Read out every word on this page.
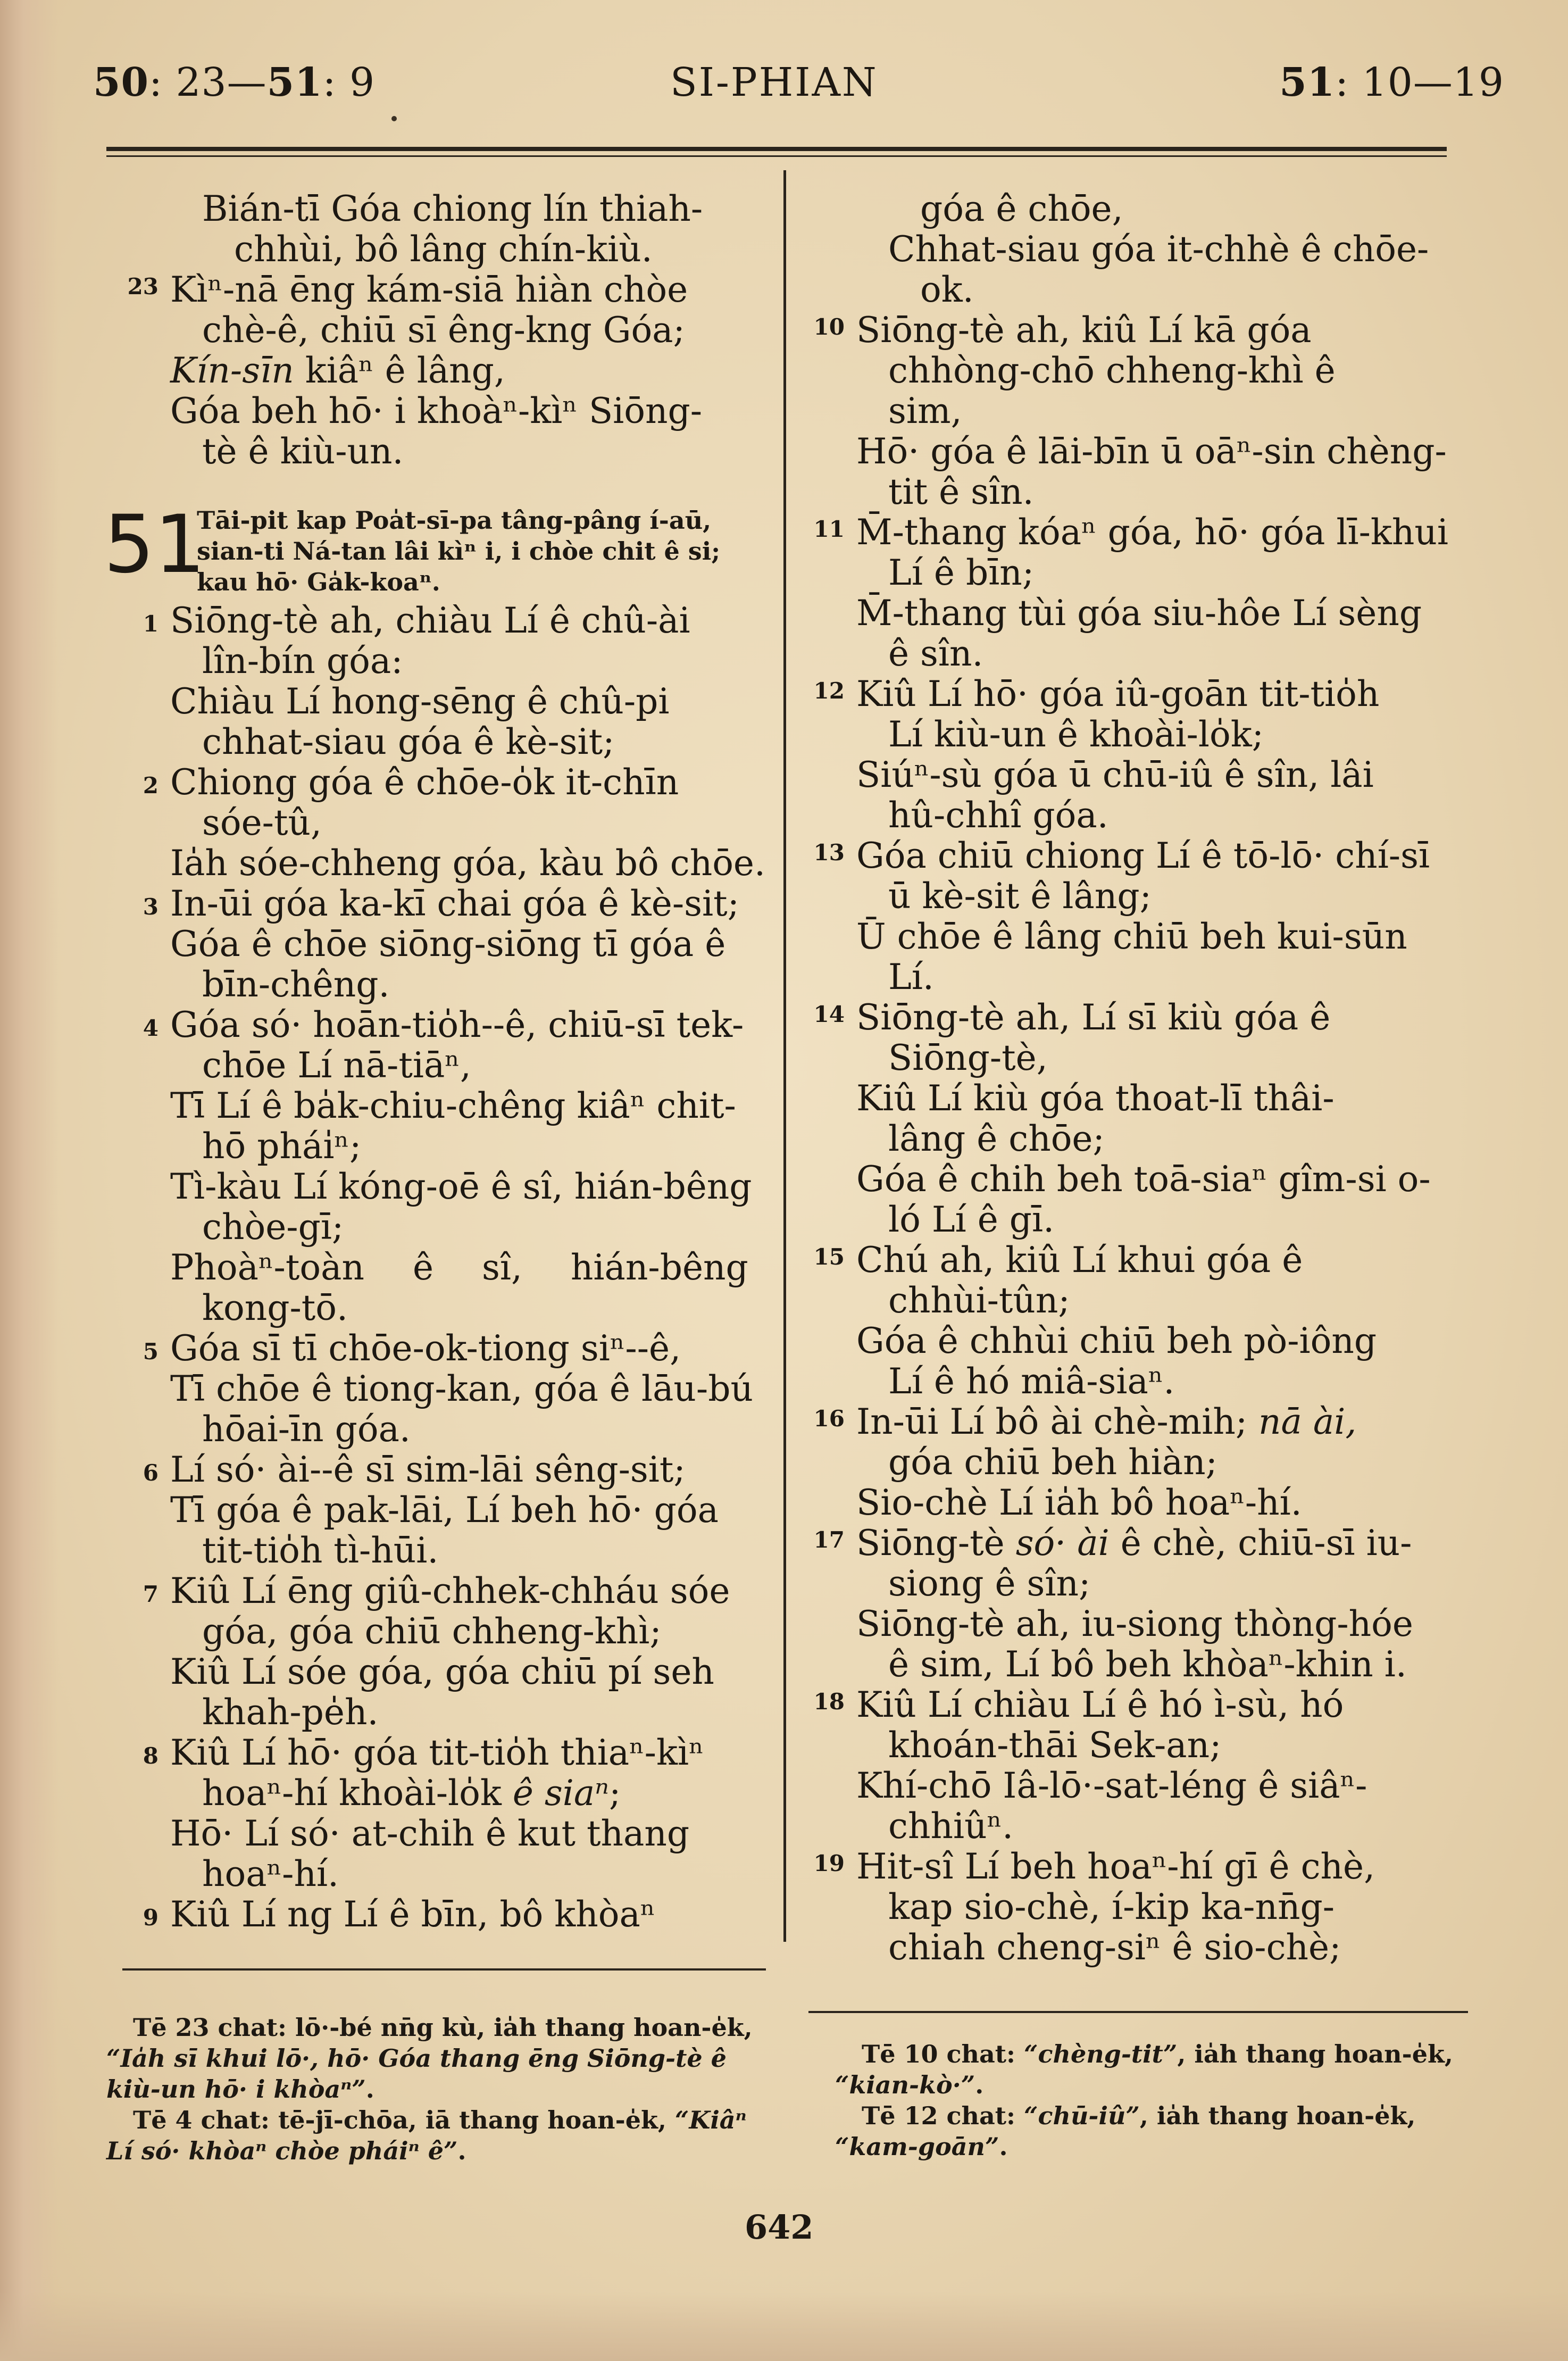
50: 23—51: 9	SI-PHIAN	51: 10—19
Bián-tī Góa chiong lín thiah-
chhùi, bô lâng chín-kiù.
23 Kìⁿ-nā ēng kám-siā hiàn chòe
chè-ê, chiū sī êng-kng Góa;
Kín-sīn kiâⁿ ê lâng,
Góa beh hō· i khoàⁿ-kìⁿ Siōng-
tè ê kiù-un.
51
Tāi-pit kap Poa̍t-sī-pa tâng-pâng í-aū, sian-ti Ná-tan lâi kìⁿ i, i chòe chit ê si; kau hō· Ga̍k-koaⁿ.
1 Siōng-tè ah, chiàu Lí ê chû-ài
lîn-bín góa:
Chiàu Lí hong-sēng ê chû-pi
chhat-siau góa ê kè-sit;
2 Chiong góa ê chōe-o̍k it-chīn
sóe-tû,
Ia̍h sóe-chheng góa, kàu bô chōe.
3 In-ūi góa ka-kī chai góa ê kè-sit;
Góa ê chōe siōng-siōng tī góa ê
bīn-chêng.
4 Góa só· hoān-tio̍h--ê, chiū-sī tek-
chōe Lí nā-tiāⁿ,
Tī Lí ê ba̍k-chiu-chêng kiâⁿ chit-
hō phái̍ⁿ;
Tì-kàu Lí kóng-oē ê sî, hián-bêng
chòe-gī;
Phoàⁿ-toàn ê sî, hián-bêng
kong-tō.
5 Góa sī tī chōe-ok-tiong siⁿ--ê,
Tī chōe ê tiong-kan, góa ê lāu-bú
hōai-īn góa.
6 Lí só· ài--ê sī sim-lāi sêng-sit;
Tī góa ê pak-lāi, Lí beh hō· góa
tit-tio̍h tì-hūi.
7 Kiû Lí ēng giû-chhek-chháu sóe
góa, góa chiū chheng-khì;
Kiû Lí sóe góa, góa chiū pí seh
khah-pe̍h.
8 Kiû Lí hō· góa tit-tio̍h thiaⁿ-kìⁿ
hoaⁿ-hí khoài-lo̍k ê siaⁿ;
Hō· Lí só· at-chih ê kut thang
hoaⁿ-hí.
9 Kiû Lí ng Lí ê bīn, bô khòaⁿ
góa ê chōe,
Chhat-siau góa it-chhè ê chōe-
ok.
10 Siōng-tè ah, kiû Lí kā góa
chhòng-chō chheng-khì ê
sim,
Hō· góa ê lāi-bīn ū oāⁿ-sin chèng-
tit ê sîn.
11 M̄-thang kóaⁿ góa, hō· góa lī-khui
Lí ê bīn;
M̄-thang tùi góa siu-hôe Lí sèng
ê sîn.
12 Kiû Lí hō· góa iû-goān tit-tio̍h
Lí kiù-un ê khoài-lo̍k;
Siúⁿ-sù góa ū chū-iû ê sîn, lâi
hû-chhî góa.
13 Góa chiū chiong Lí ê tō-lō· chí-sī
ū kè-sit ê lâng;
Ū chōe ê lâng chiū beh kui-sūn
Lí.
14 Siōng-tè ah, Lí sī kiù góa ê
Siōng-tè,
Kiû Lí kiù góa thoat-lī thâi-
lâng ê chōe;
Góa ê chih beh toā-siaⁿ gîm-si o-
ló Lí ê gī.
15 Chú ah, kiû Lí khui góa ê
chhùi-tûn;
Góa ê chhùi chiū beh pò-iông
Lí ê hó miâ-siaⁿ.
16 In-ūi Lí bô ài chè-mih; nā ài,
góa chiū beh hiàn;
Sio-chè Lí ia̍h bô hoaⁿ-hí.
17 Siōng-tè só· ài ê chè, chiū-sī iu-
siong ê sîn;
Siōng-tè ah, iu-siong thòng-hóe
ê sim, Lí bô beh khòaⁿ-khin i.
18 Kiû Lí chiàu Lí ê hó ì-sù, hó
khoán-thāi Sek-an;
Khí-chō Iâ-lō·-sat-léng ê siâⁿ-
chhiûⁿ.
19 Hit-sî Lí beh hoaⁿ-hí gī ê chè,
kap sio-chè, í-kip ka-nn̄g-
chiah cheng-siⁿ ê sio-chè;

Tē 23 chat: lō·-bé nn̄g kù, ia̍h thang hoan-e̍k, “Ia̍h sī khui lō·, hō· Góa thang ēng Siōng-tè ê kiù-un hō· i khòaⁿ”.

Tē 4 chat: tē-jī-chōa, iā thang hoan-e̍k, “Kiâⁿ Lí só· khòaⁿ chòe pháiⁿ ê”.

Tē 10 chat: “chèng-tit”, ia̍h thang hoan-e̍k, “kian-kò·”.

Tē 12 chat: “chū-iû”, ia̍h thang hoan-e̍k, “kam-goān”.

642
